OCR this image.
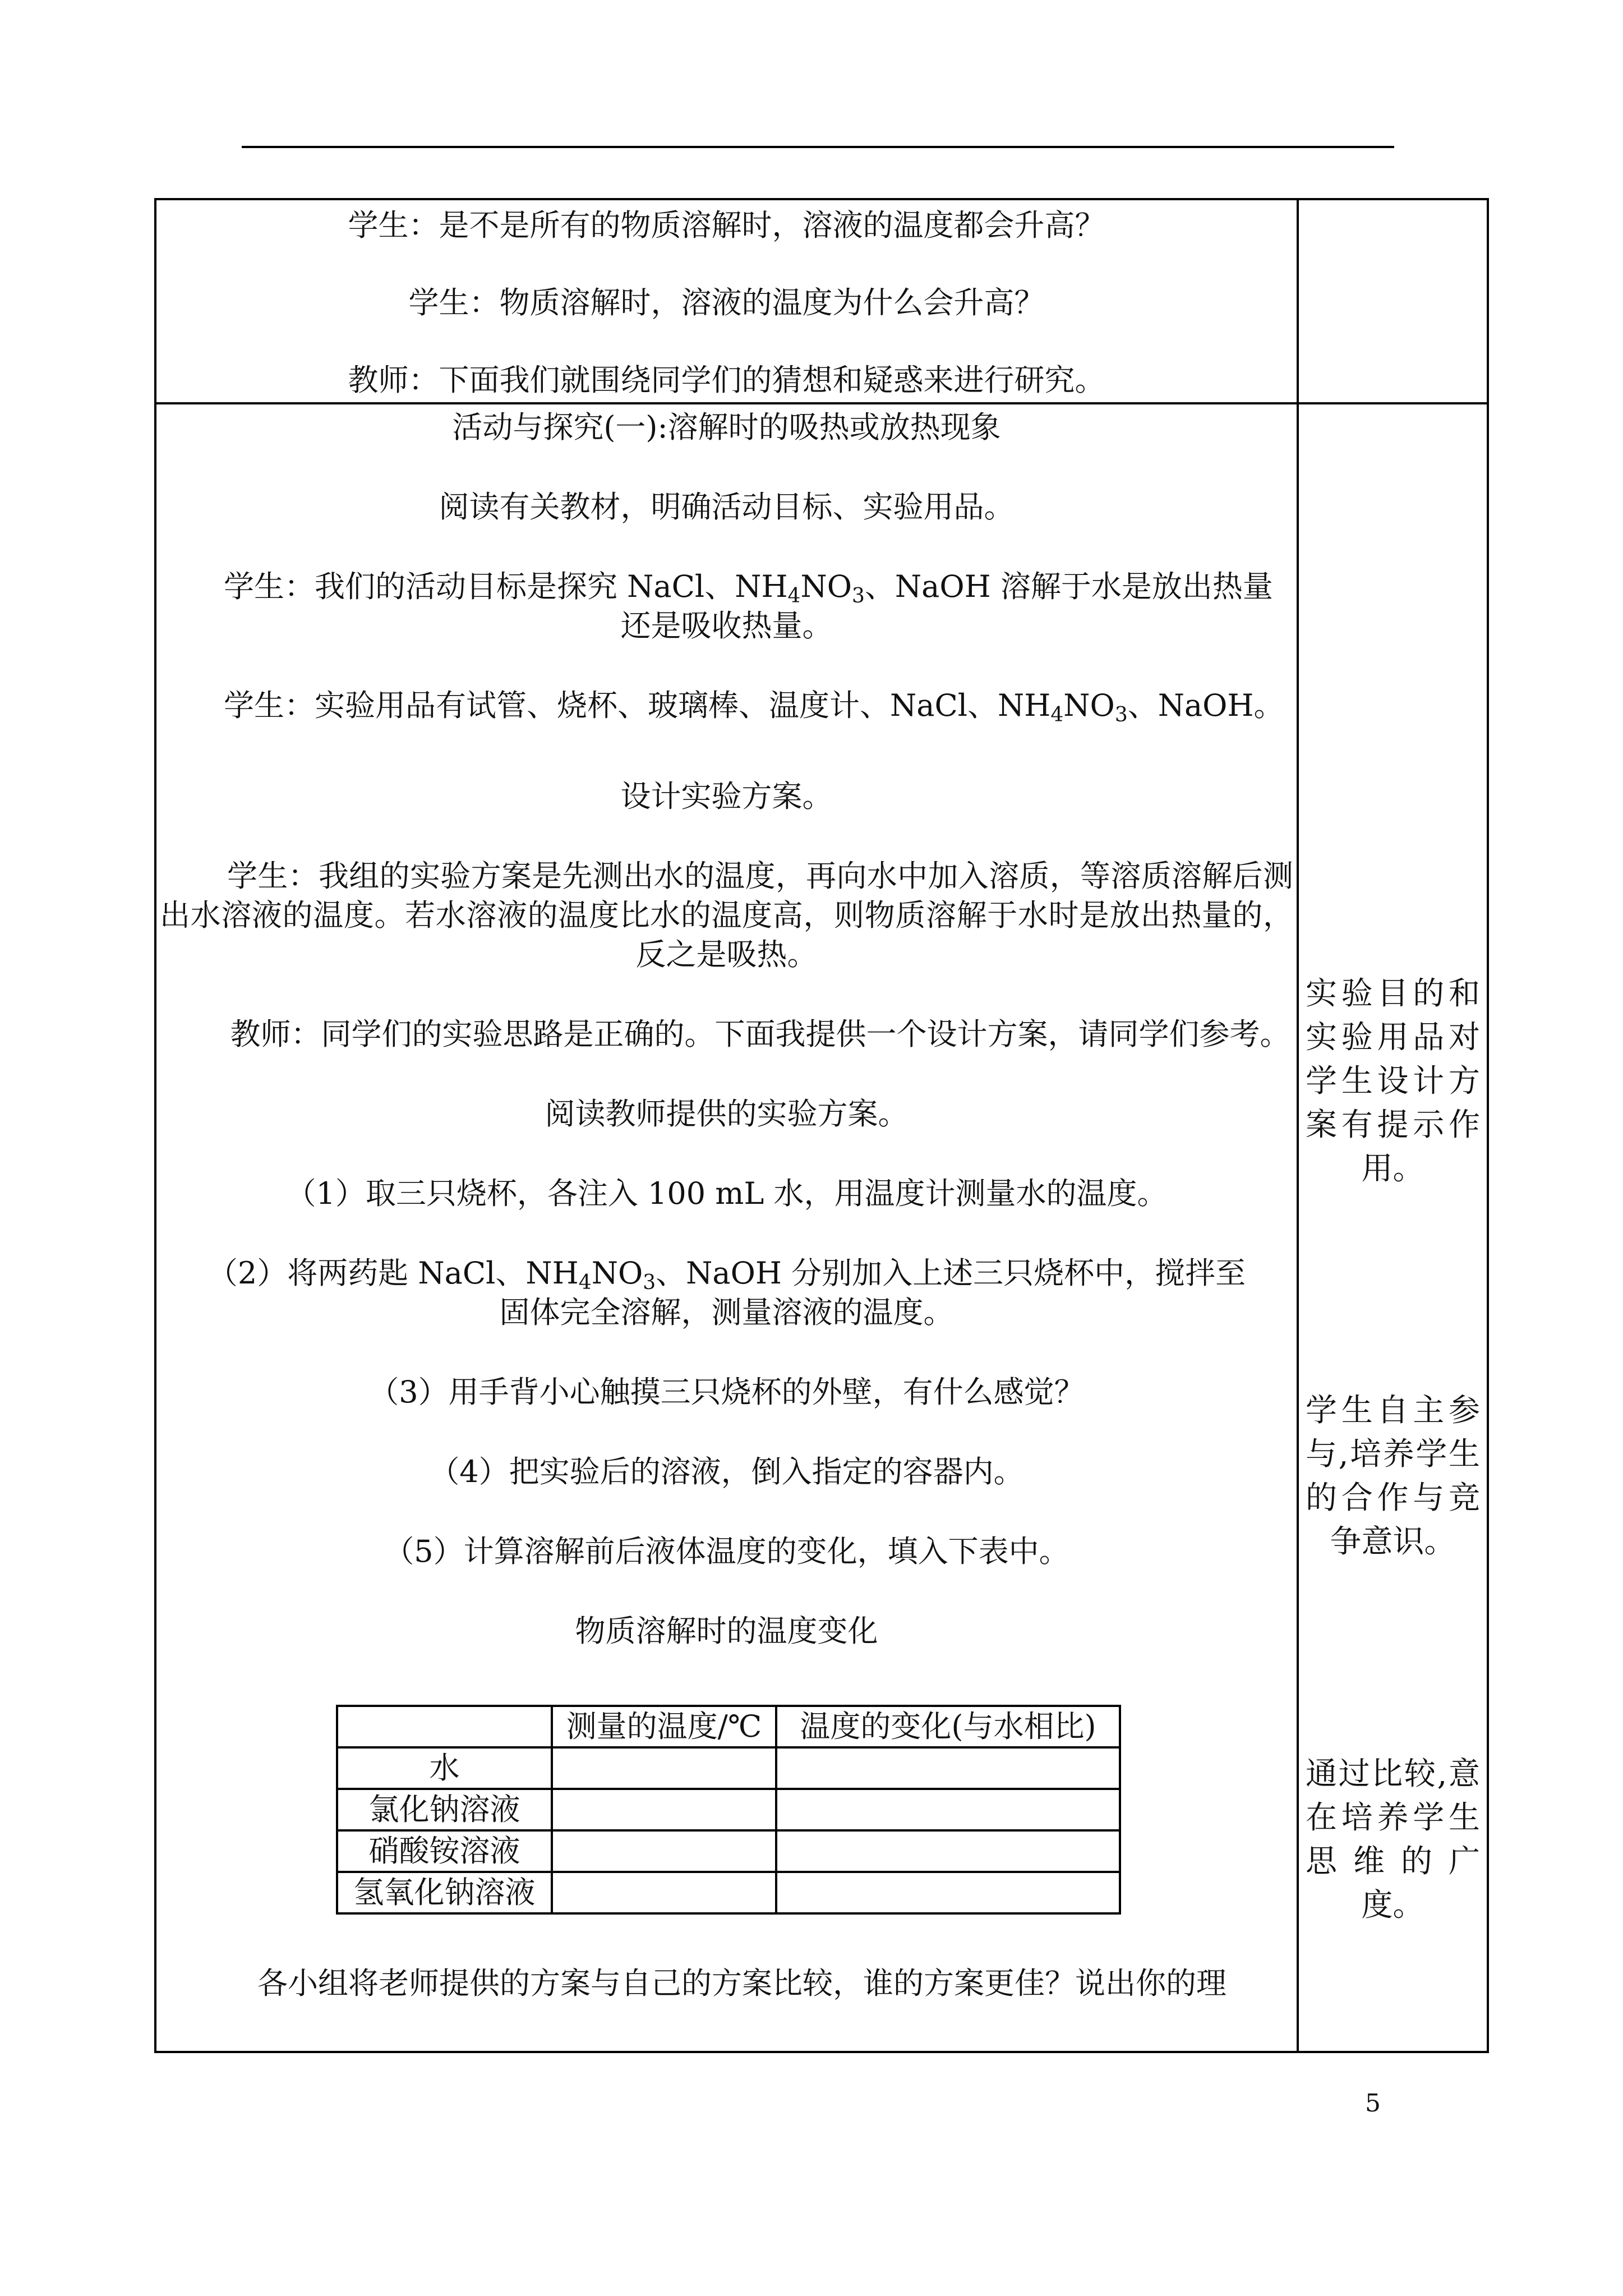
学生：是不是所有的物质溶解时，溶液的温度都会升高？

学生：物质溶解时，溶液的温度为什么会升高？

教师：下面我们就围绕同学们的猜想和疑惑来进行研究。

活动与探究(一):溶解时的吸热或放热现象

阅读有关教材，明确活动目标、实验用品。

学生：我们的活动目标是探究 NaCl、$NH_4NO_3$、NaOH 溶解于水是放出热量

还是吸收热量。

学生：实验用品有试管、烧杯、玻璃棒、温度计、NaCl、$NH_4NO_3$、NaOH。

设计实验方案。

学生：我组的实验方案是先测出水的温度，再向水中加入溶质，等溶质溶解后测出水溶液的温度。若水溶液的温度比水的温度高，则物质溶解于水时是放出热量的，反之是吸热。

教师：同学们的实验思路是正确的。下面我提供一个设计方案，请同学们参考。

阅读教师提供的实验方案。

（1）取三只烧杯，各注入 100 mL 水，用温度计测量水的温度。

（2）将两药匙 NaCl、$NH_4NO_3$、NaOH 分别加入上述三只烧杯中，搅拌至

固体完全溶解，测量溶液的温度。

（3）用手背小心触摸三只烧杯的外壁，有什么感觉？

（4）把实验后的溶液，倒入指定的容器内。

（5）计算溶解前后液体温度的变化，填入下表中。

物质溶解时的温度变化

	测量的温度/℃	温度的变化(与水相比)
水		
氯化钠溶液		
硝酸铵溶液		
氢氧化钠溶液		

各小组将老师提供的方案与自己的方案比较，谁的方案更佳？说出你的理

实验目的和实验用品对学生设计方案有提示作用。

学生自主参与,培养学生的合作与竞争意识。

通过比较,意在培养学生思维的广度。

5
